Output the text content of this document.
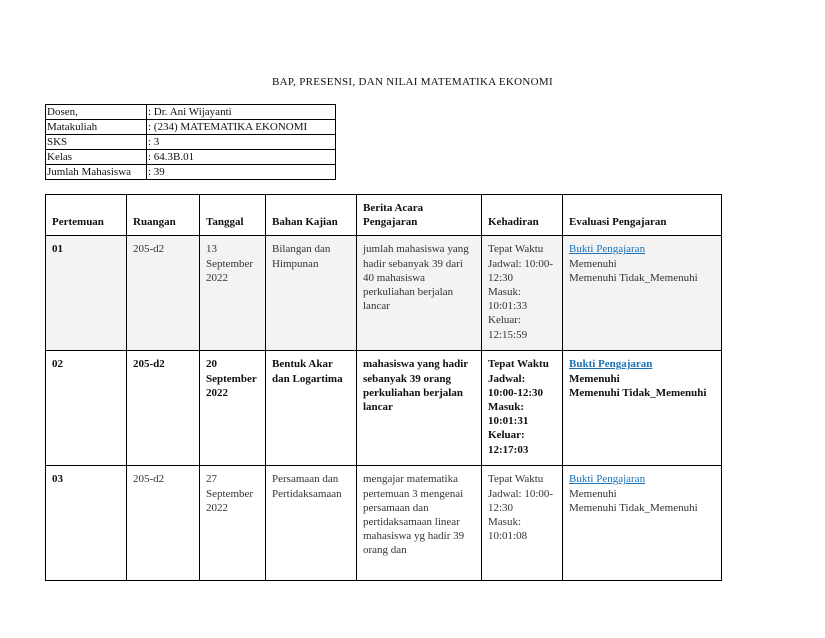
BAP, PRESENSI, DAN NILAI MATEMATIKA EKONOMI
Dosen,	: Dr. Ani Wijayanti
Matakuliah	: (234) MATEMATIKA EKONOMI
SKS	: 3
Kelas	: 64.3B.01
Jumlah Mahasiswa	: 39
Pertemuan	Ruangan	Tanggal	Bahan Kajian	Berita Acara Pengajaran	Kehadiran	Evaluasi Pengajaran
01	205-d2	13 September 2022	Bilangan dan Himpunan	jumlah mahasiswa yang hadir sebanyak 39 dari 40 mahasiswa perkuliahan berjalan lancar	Tepat Waktu
Jadwal: 10:00-12:30
Masuk: 10:01:33
Keluar: 12:15:59	Bukti Pengajaran
Memenuhi
Memenuhi Tidak_Memenuhi

02	205-d2	20 September 2022	Bentuk Akar dan Logartima	mahasiswa yang hadir sebanyak 39 orang perkuliahan berjalan lancar	Tepat Waktu
Jadwal: 10:00-12:30
Masuk: 10:01:31
Keluar: 12:17:03	Bukti Pengajaran
Memenuhi
Memenuhi Tidak_Memenuhi

03	205-d2	27 September 2022	Persamaan dan Pertidaksamaan	mengajar matematika pertemuan 3 mengenai persamaan dan pertidaksamaan linear mahasiswa yg hadir 39 orang dan	Tepat Waktu
Jadwal: 10:00-12:30
Masuk: 10:01:08	Bukti Pengajaran
Memenuhi
Memenuhi Tidak_Memenuhi
